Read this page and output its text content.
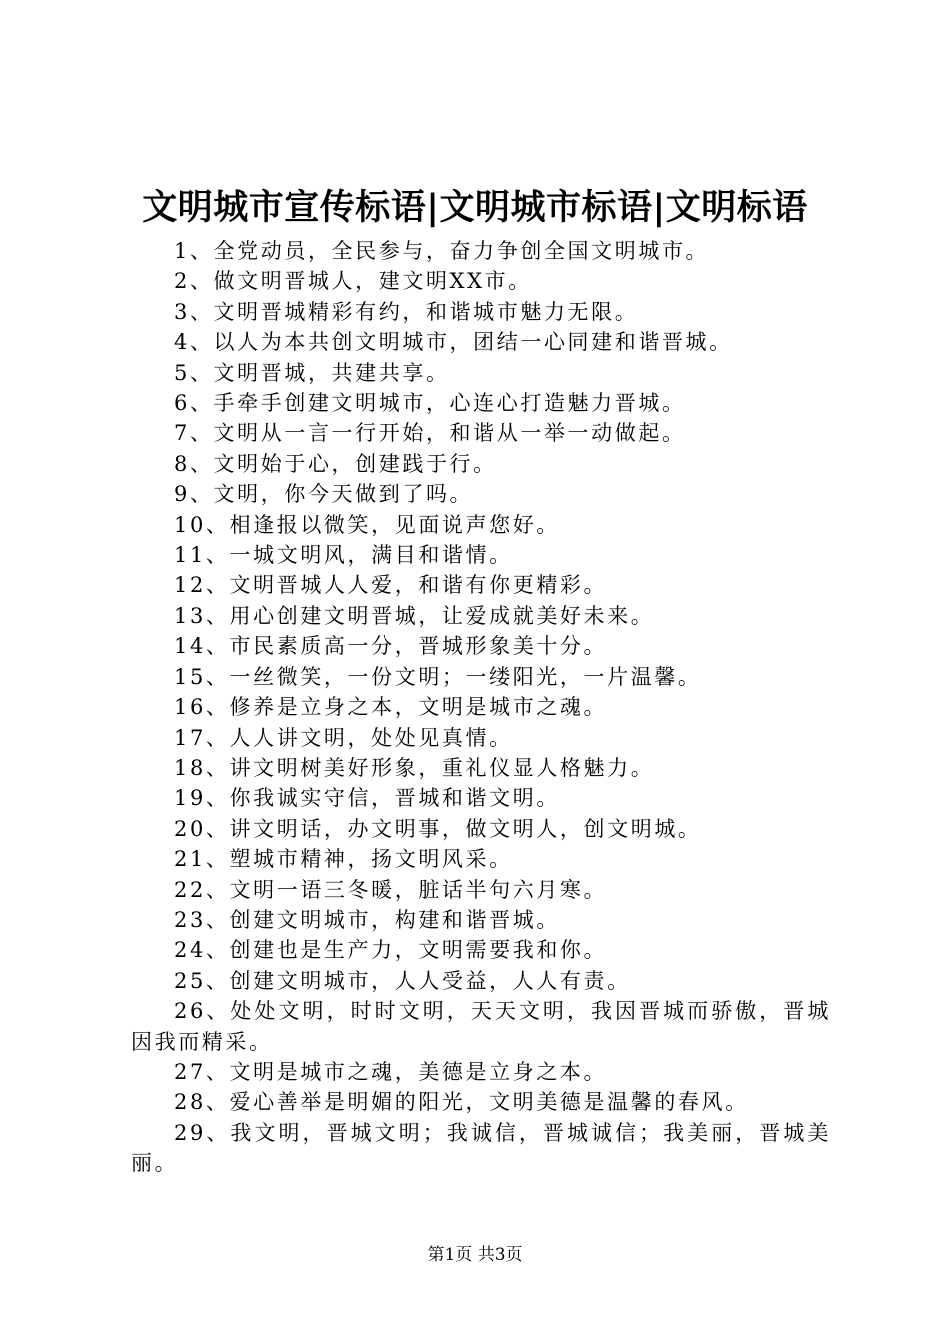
文明城市宣传标语|文明城市标语|文明标语
1、全党动员，全民参与，奋力争创全国文明城市。
2、做文明晋城人，建文明XX市。
3、文明晋城精彩有约，和谐城市魅力无限。
4、以人为本共创文明城市，团结一心同建和谐晋城。
5、文明晋城，共建共享。
6、手牵手创建文明城市，心连心打造魅力晋城。
7、文明从一言一行开始，和谐从一举一动做起。
8、文明始于心，创建践于行。
9、文明，你今天做到了吗。
10、相逢报以微笑，见面说声您好。
11、一城文明风，满目和谐情。
12、文明晋城人人爱，和谐有你更精彩。
13、用心创建文明晋城，让爱成就美好未来。
14、市民素质高一分，晋城形象美十分。
15、一丝微笑，一份文明；一缕阳光，一片温馨。
16、修养是立身之本，文明是城市之魂。
17、人人讲文明，处处见真情。
18、讲文明树美好形象，重礼仪显人格魅力。
19、你我诚实守信，晋城和谐文明。
20、讲文明话，办文明事，做文明人，创文明城。
21、塑城市精神，扬文明风采。
22、文明一语三冬暖，脏话半句六月寒。
23、创建文明城市，构建和谐晋城。
24、创建也是生产力，文明需要我和你。
25、创建文明城市，人人受益，人人有责。
26、处处文明，时时文明，天天文明，我因晋城而骄傲，晋城因我而精采。
27、文明是城市之魂，美德是立身之本。
28、爱心善举是明媚的阳光，文明美德是温馨的春风。
29、我文明，晋城文明；我诚信，晋城诚信；我美丽，晋城美丽。
第1页 共3页
